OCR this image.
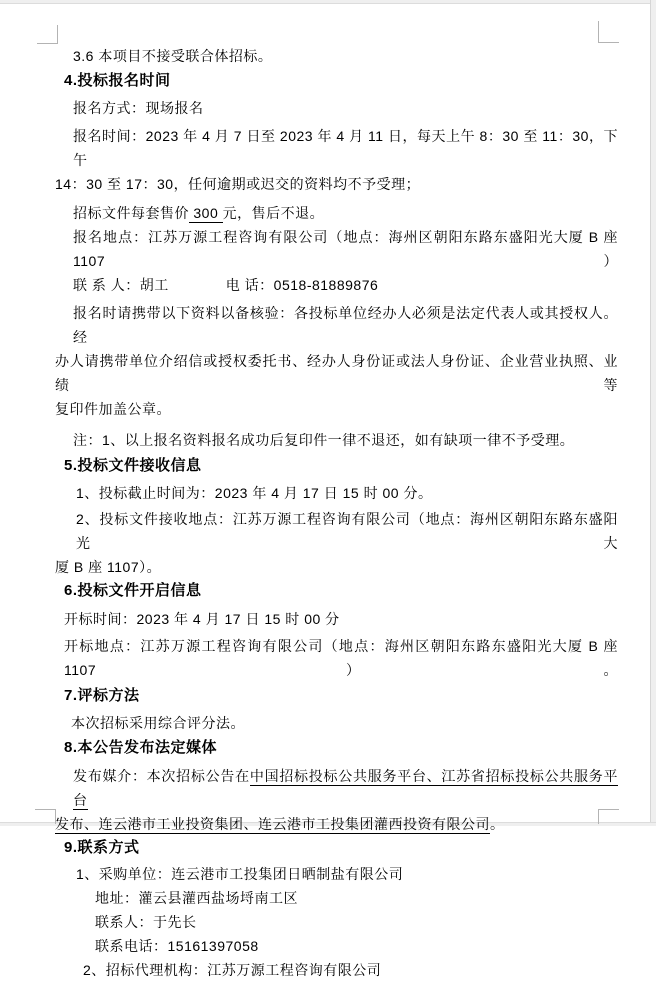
3.6 本项目不接受联合体招标。
4.投标报名时间
报名方式：现场报名
报名时间：2023 年 4 月 7 日至 2023 年 4 月 11 日，每天上午 8：30 至 11：30，下午
14：30 至 17：30，任何逾期或迟交的资料均不予受理；
招标文件每套售价 300 元，售后不退。
报名地点：江苏万源工程咨询有限公司（地点：海州区朝阳东路东盛阳光大厦 B 座 1107）
联 系 人：胡工	电 话：0518-81889876
报名时请携带以下资料以备核验：各投标单位经办人必须是法定代表人或其授权人。经
办人请携带单位介绍信或授权委托书、经办人身份证或法人身份证、企业营业执照、业绩等
复印件加盖公章。
注：1、以上报名资料报名成功后复印件一律不退还，如有缺项一律不予受理。
5.投标文件接收信息
1、投标截止时间为：2023 年 4 月 17 日 15 时 00 分。
2、投标文件接收地点：江苏万源工程咨询有限公司（地点：海州区朝阳东路东盛阳光大
厦 B 座 1107）。
6.投标文件开启信息
开标时间：2023 年 4 月 17 日 15 时 00 分
开标地点：江苏万源工程咨询有限公司（地点：海州区朝阳东路东盛阳光大厦 B 座 1107）。
7.评标方法
本次招标采用综合评分法。
8.本公告发布法定媒体
发布媒介：本次招标公告在中国招标投标公共服务平台、江苏省招标投标公共服务平台
发布、连云港市工业投资集团、连云港市工投集团灌西投资有限公司。
9.联系方式
1、采购单位：连云港市工投集团日晒制盐有限公司
地址：灌云县灌西盐场埒南工区
联系人：于先长
联系电话：15161397058
2、招标代理机构：江苏万源工程咨询有限公司
